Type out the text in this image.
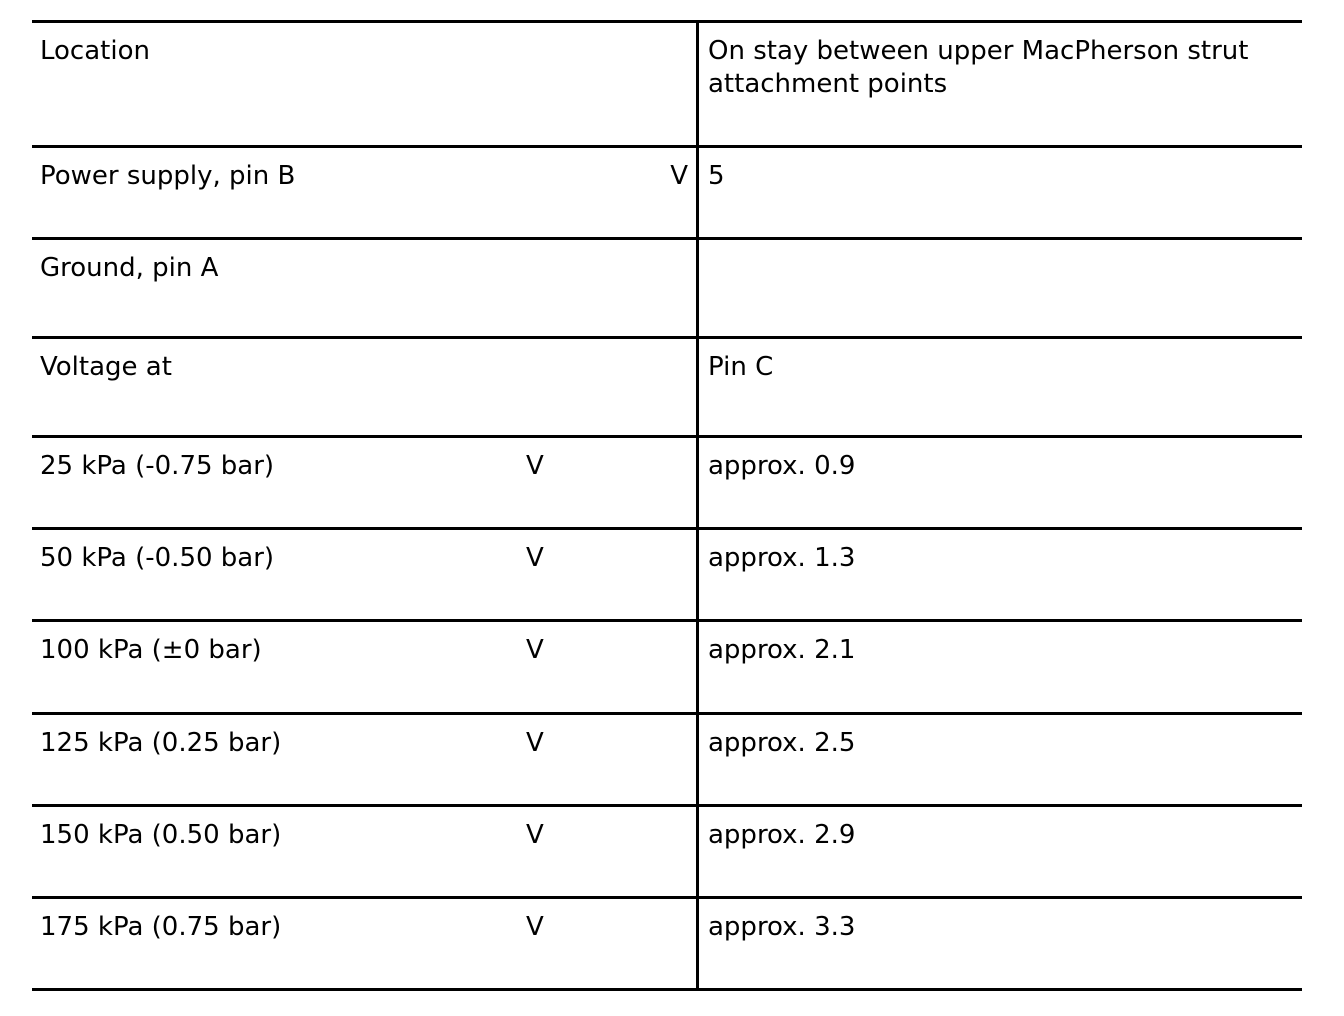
Location	On stay between upper MacPherson strut attachment points

Power supply, pin B V	5

Ground, pin A	

Voltage at	Pin C

25 kPa (-0.75 bar) V	approx. 0.9

50 kPa (-0.50 bar) V	approx. 1.3

100 kPa (±0 bar) V	approx. 2.1

125 kPa (0.25 bar) V	approx. 2.5

150 kPa (0.50 bar) V	approx. 2.9

175 kPa (0.75 bar) V	approx. 3.3
